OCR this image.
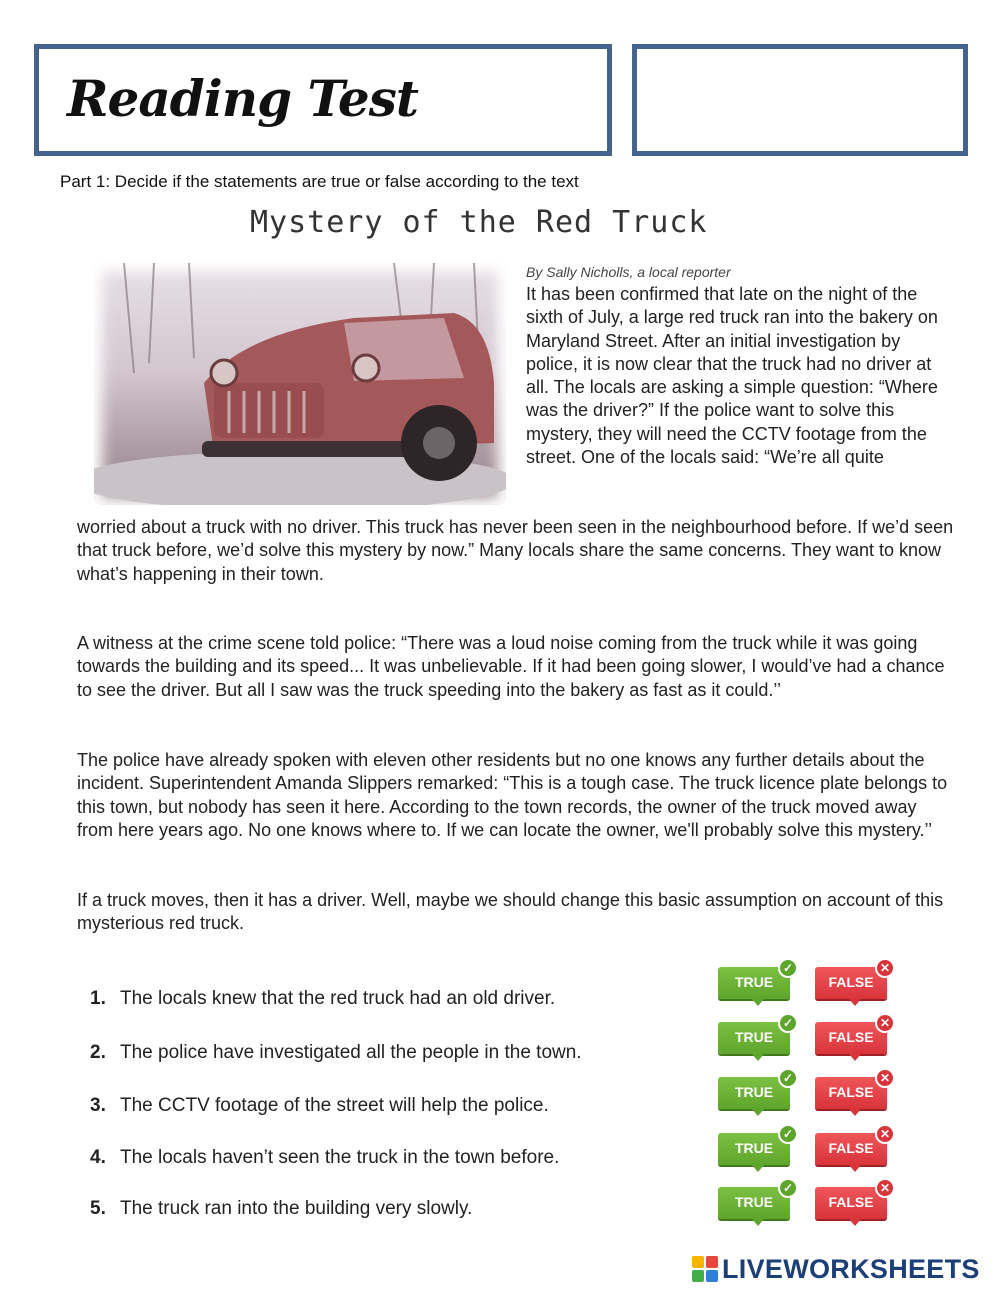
Reading Test
Part 1: Decide if the statements are true or false according to the text
Mystery of the Red Truck
By Sally Nicholls, a local reporter
It has been confirmed that late on the night of the sixth of July, a large red truck ran into the bakery on Maryland Street. After an initial investigation by police, it is now clear that the truck had no driver at all. The locals are asking a simple question: “Where was the driver?” If the police want to solve this mystery, they will need the CCTV footage from the street. One of the locals said: “We’re all quite
worried about a truck with no driver. This truck has never been seen in the neighbourhood before. If we’d seen that truck before, we’d solve this mystery by now.” Many locals share the same concerns. They want to know what’s happening in their town.
A witness at the crime scene told police: “There was a loud noise coming from the truck while it was going towards the building and its speed... It was unbelievable. If it had been going slower, I would’ve had a chance to see the driver. But all I saw was the truck speeding into the bakery as fast as it could.’’
The police have already spoken with eleven other residents but no one knows any further details about the incident. Superintendent Amanda Slippers remarked: “This is a tough case. The truck licence plate belongs to this town, but nobody has seen it here. According to the town records, the owner of the truck moved away from here years ago. No one knows where to. If we can locate the owner, we'll probably solve this mystery.’’
If a truck moves, then it has a driver. Well, maybe we should change this basic assumption on account of this mysterious red truck.
1. The locals knew that the red truck had an old driver.
2. The police have investigated all the people in the town.
3. The CCTV footage of the street will help the police.
4. The locals haven’t seen the truck in the town before.
5. The truck ran into the building very slowly.
TRUE
✓
FALSE
✕
TRUE
✓
FALSE
✕
TRUE
✓
FALSE
✕
TRUE
✓
FALSE
✕
TRUE
✓
FALSE
✕
LIVEWORKSHEETS
